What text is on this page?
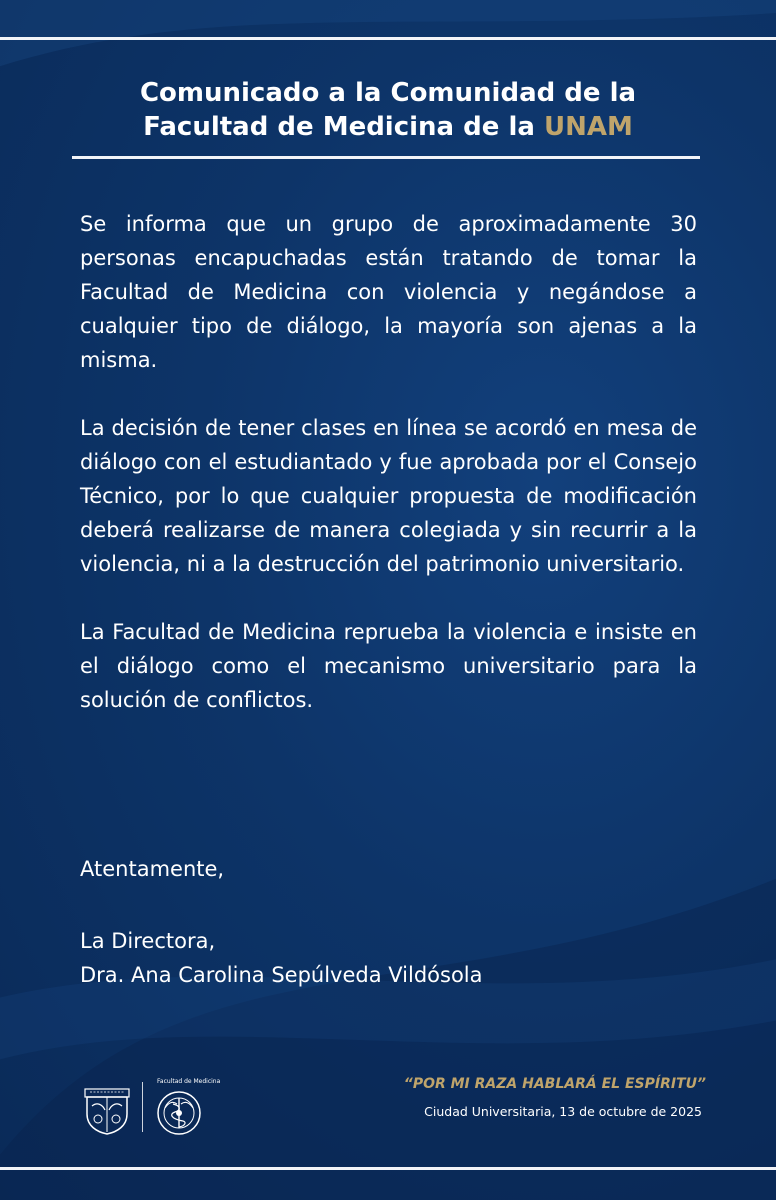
Comunicado a la Comunidad de la
Facultad de Medicina de la UNAM

Se informa que un grupo de aproximadamente 30 personas encapuchadas están tratando de tomar la Facultad de Medicina con violencia y negándose a cualquier tipo de diálogo, la mayoría son ajenas a la misma.

La decisión de tener clases en línea se acordó en mesa de diálogo con el estudiantado y fue aprobada por el Consejo Técnico, por lo que cualquier propuesta de modificación deberá realizarse de manera colegiada y sin recurrir a la violencia, ni a la destrucción del patrimonio universitario.

La Facultad de Medicina reprueba la violencia e insiste en el diálogo como el mecanismo universitario para la solución de conflictos.

Atentamente,
La Directora,
Dra. Ana Carolina Sepúlveda Vildósola
Facultad de Medicina	“POR MI RAZA HABLARÁ EL ESPÍRITU”
Ciudad Universitaria, 13 de octubre de 2025
